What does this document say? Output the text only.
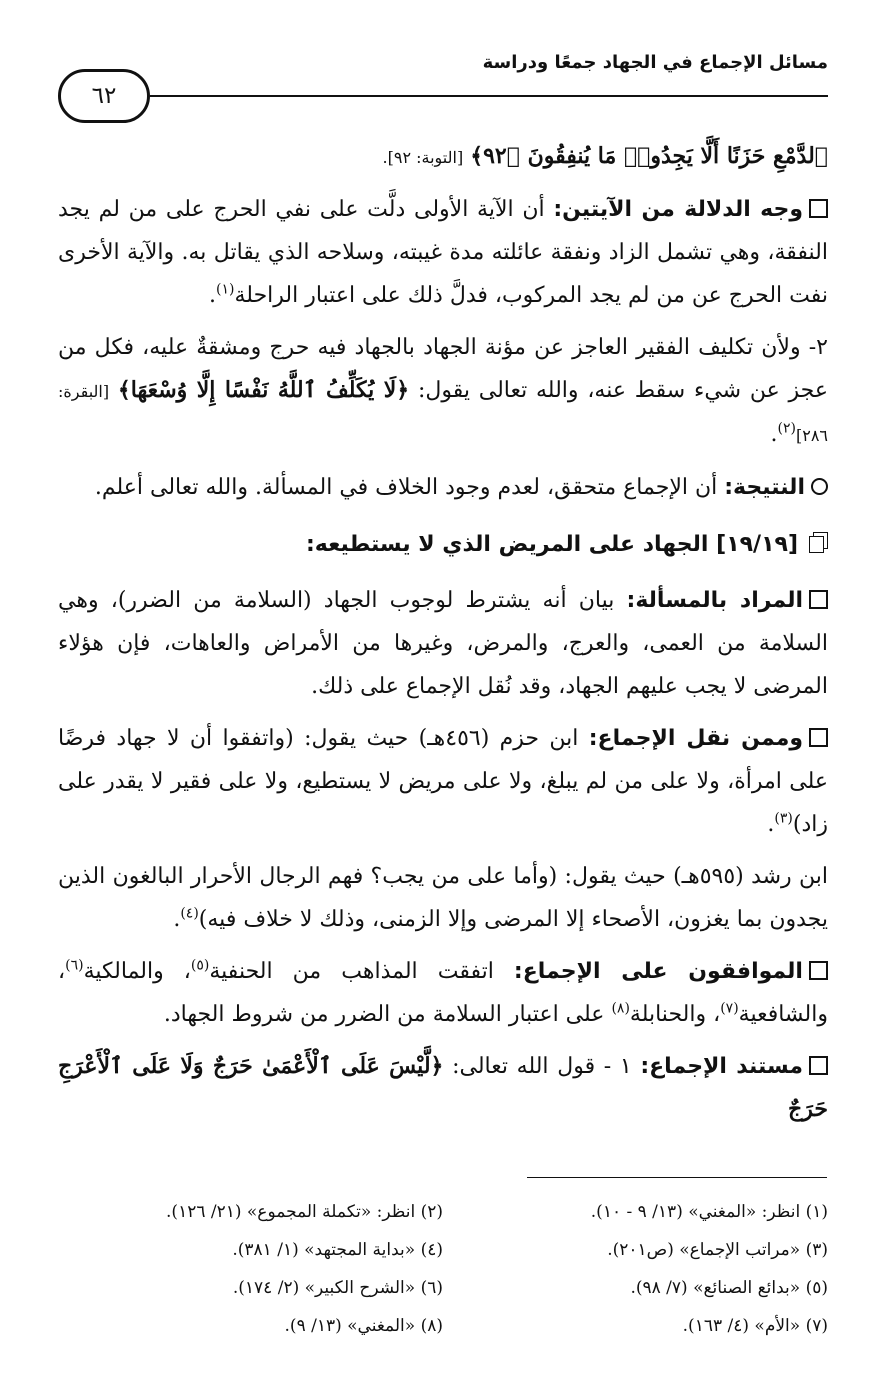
مسائل الإجماع في الجهاد جمعًا ودراسة
٦٢

ٱلدَّمْعِ حَزَنًا أَلَّا يَجِدُوا۟ مَا يُنفِقُونَ ﴿٩٢﴾ [التوبة: ٩٢].

وجه الدلالة من الآيتين: أن الآية الأولى دلَّت على نفي الحرج على من لم يجد النفقة، وهي تشمل الزاد ونفقة عائلته مدة غيبته، وسلاحه الذي يقاتل به. والآية الأخرى نفت الحرج عن من لم يجد المركوب، فدلَّ ذلك على اعتبار الراحلة$^{(١)}$.

٢- ولأن تكليف الفقير العاجز عن مؤنة الجهاد بالجهاد فيه حرج ومشقةٌ عليه، فكل من عجز عن شيء سقط عنه، والله تعالى يقول: ﴿لَا يُكَلِّفُ ٱللَّهُ نَفْسًا إِلَّا وُسْعَهَا﴾ [البقرة: ٢٨٦]$^{(٢)}$.

النتيجة: أن الإجماع متحقق، لعدم وجود الخلاف في المسألة. والله تعالى أعلم.

[١٩/١٩] الجهاد على المريض الذي لا يستطيعه:

المراد بالمسألة: بيان أنه يشترط لوجوب الجهاد (السلامة من الضرر)، وهي السلامة من العمى، والعرج، والمرض، وغيرها من الأمراض والعاهات، فإن هؤلاء المرضى لا يجب عليهم الجهاد، وقد نُقل الإجماع على ذلك.

وممن نقل الإجماع: ابن حزم (٤٥٦هـ) حيث يقول: (واتفقوا أن لا جهاد فرضًا على امرأة، ولا على من لم يبلغ، ولا على مريض لا يستطيع، ولا على فقير لا يقدر على زاد)$^{(٣)}$.

ابن رشد (٥٩٥هـ) حيث يقول: (وأما على من يجب؟ فهم الرجال الأحرار البالغون الذين يجدون بما يغزون، الأصحاء إلا المرضى وإلا الزمنى، وذلك لا خلاف فيه)$^{(٤)}$.

الموافقون على الإجماع: اتفقت المذاهب من الحنفية$^{(٥)}$، والمالكية$^{(٦)}$، والشافعية$^{(٧)}$، والحنابلة$^{(٨)}$ على اعتبار السلامة من الضرر من شروط الجهاد.

مستند الإجماع: ١ - قول الله تعالى: ﴿لَّيْسَ عَلَى ٱلْأَعْمَىٰ حَرَجٌ وَلَا عَلَى ٱلْأَعْرَجِ حَرَجٌ

(١) انظر: «المغني» (١٣/ ٩ - ١٠).
(٢) انظر: «تكملة المجموع» (٢١/ ١٢٦).
(٣) «مراتب الإجماع» (ص٢٠١).
(٤) «بداية المجتهد» (١/ ٣٨١).
(٥) «بدائع الصنائع» (٧/ ٩٨).
(٦) «الشرح الكبير» (٢/ ١٧٤).
(٧) «الأم» (٤/ ١٦٣).
(٨) «المغني» (١٣/ ٩).
